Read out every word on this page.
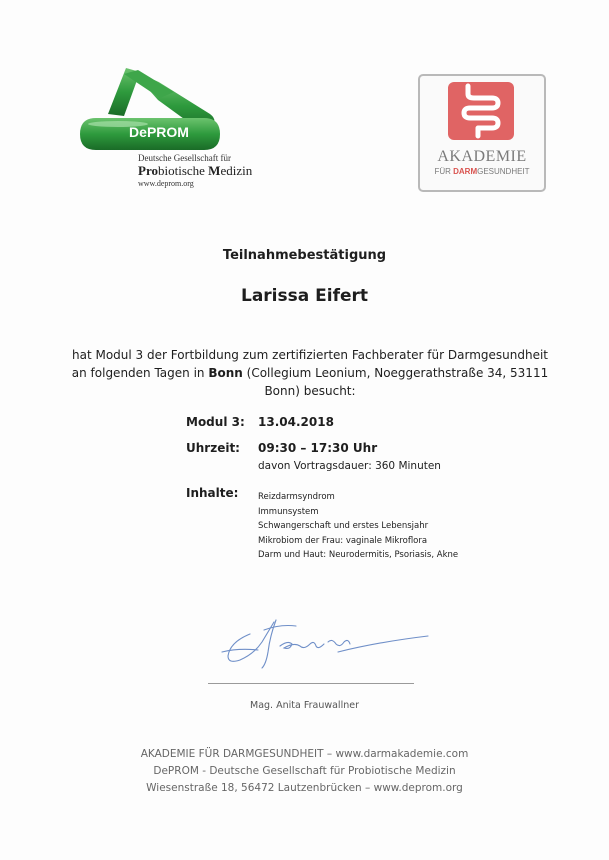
DePROM
Deutsche Gesellschaft für
Probiotische Medizin
www.deprom.org
AKADEMIE
FÜR DARMGESUNDHEIT
Teilnahmebestätigung
Larissa Eifert
hat Modul 3 der Fortbildung zum zertifizierten Fachberater für Darmgesundheit
an folgenden Tagen in Bonn (Collegium Leonium, Noeggerathstraße 34, 53111
Bonn) besucht:
Modul 3: 13.04.2018
Uhrzeit: 09:30 – 17:30 Uhr
davon Vortragsdauer: 360 Minuten
Inhalte: Reizdarmsyndrom
Immunsystem
Schwangerschaft und erstes Lebensjahr
Mikrobiom der Frau: vaginale Mikroflora
Darm und Haut: Neurodermitis, Psoriasis, Akne
Mag. Anita Frauwallner
AKADEMIE FÜR DARMGESUNDHEIT – www.darmakademie.com
DePROM - Deutsche Gesellschaft für Probiotische Medizin
Wiesenstraße 18, 56472 Lautzenbrücken – www.deprom.org
